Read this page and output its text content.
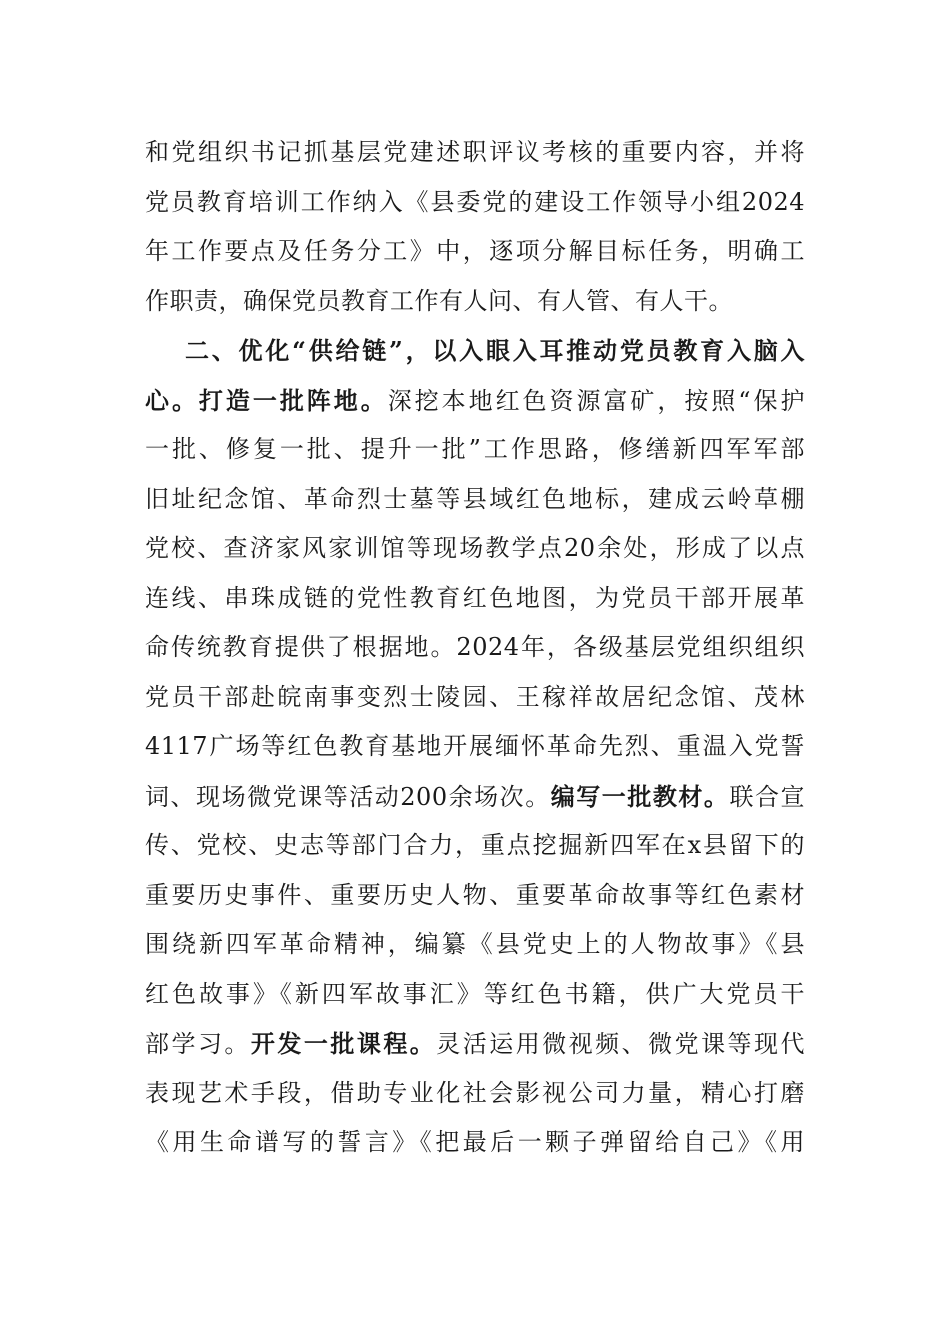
和党组织书记抓基层党建述职评议考核的重要内容，并将
党员教育培训工作纳入《县委党的建设工作领导小组2024
年工作要点及任务分工》中，逐项分解目标任务，明确工
作职责，确保党员教育工作有人问、有人管、有人干。
二、优化“供给链”，以入眼入耳推动党员教育入脑入
心。打造一批阵地。深挖本地红色资源富矿，按照“保护
一批、修复一批、提升一批”工作思路，修缮新四军军部
旧址纪念馆、革命烈士墓等县域红色地标，建成云岭草棚
党校、查济家风家训馆等现场教学点20余处，形成了以点
连线、串珠成链的党性教育红色地图，为党员干部开展革
命传统教育提供了根据地。2024年，各级基层党组织组织
党员干部赴皖南事变烈士陵园、王稼祥故居纪念馆、茂林
4117广场等红色教育基地开展缅怀革命先烈、重温入党誓
词、现场微党课等活动200余场次。编写一批教材。联合宣
传、党校、史志等部门合力，重点挖掘新四军在x县留下的
重要历史事件、重要历史人物、重要革命故事等红色素材
围绕新四军革命精神，编纂《县党史上的人物故事》《县
红色故事》《新四军故事汇》等红色书籍，供广大党员干
部学习。开发一批课程。灵活运用微视频、微党课等现代
表现艺术手段，借助专业化社会影视公司力量，精心打磨
《用生命谱写的誓言》《把最后一颗子弹留给自己》《用
